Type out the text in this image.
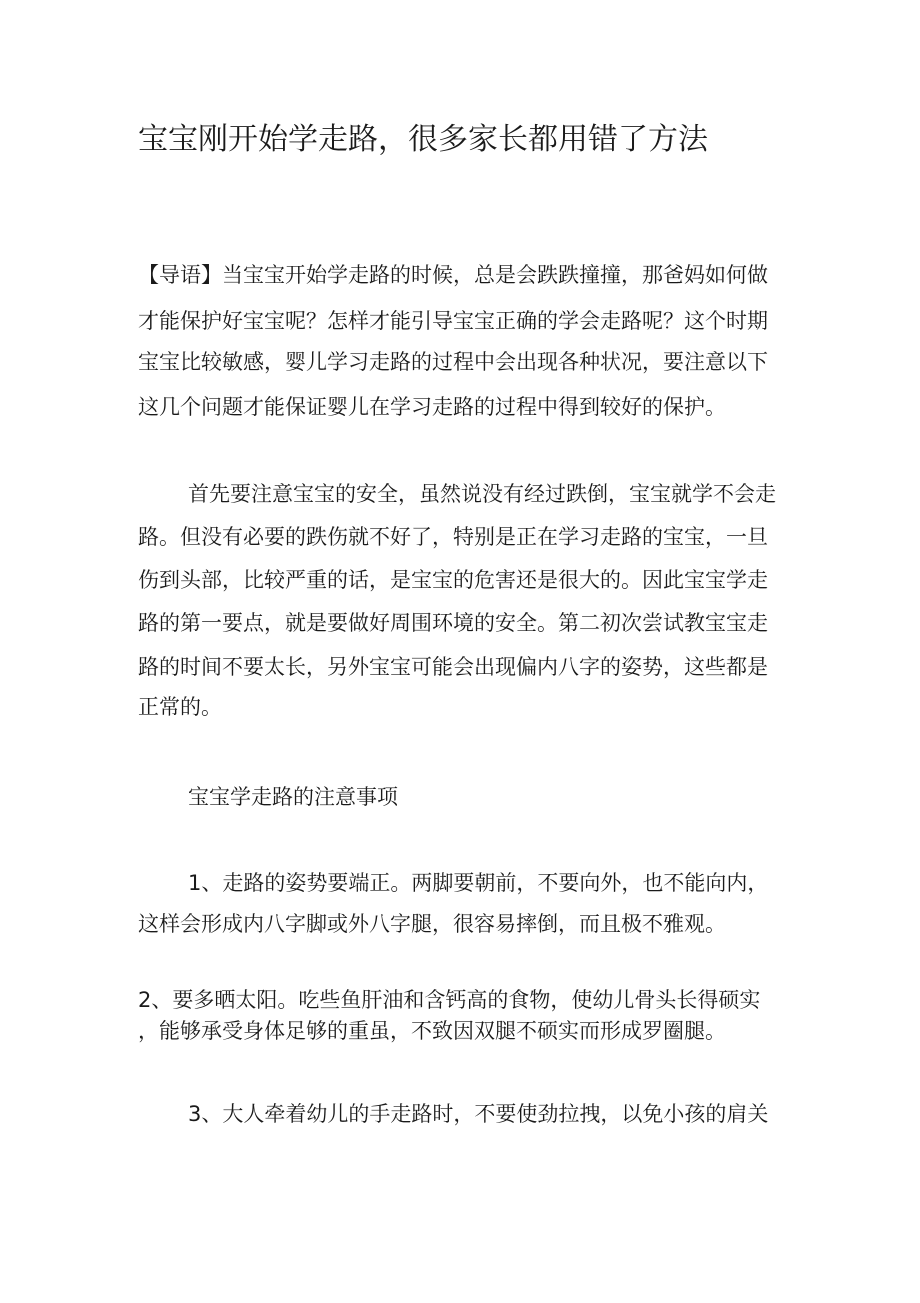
宝宝刚开始学走路，很多家长都用错了方法
【导语】当宝宝开始学走路的时候，总是会跌跌撞撞，那爸妈如何做
才能保护好宝宝呢？怎样才能引导宝宝正确的学会走路呢？这个时期
宝宝比较敏感，婴儿学习走路的过程中会出现各种状况，要注意以下
这几个问题才能保证婴儿在学习走路的过程中得到较好的保护。
首先要注意宝宝的安全，虽然说没有经过跌倒，宝宝就学不会走
路。但没有必要的跌伤就不好了，特别是正在学习走路的宝宝，一旦
伤到头部，比较严重的话，是宝宝的危害还是很大的。因此宝宝学走
路的第一要点，就是要做好周围环境的安全。第二初次尝试教宝宝走
路的时间不要太长，另外宝宝可能会出现偏内八字的姿势，这些都是
正常的。
宝宝学走路的注意事项
1、走路的姿势要端正。两脚要朝前，不要向外，也不能向内，
这样会形成内八字脚或外八字腿，很容易摔倒，而且极不雅观。
2、要多晒太阳。吃些鱼肝油和含钙高的食物，使幼儿骨头长得硕实
，能够承受身体足够的重虽，不致因双腿不硕实而形成罗圈腿。
3、大人牵着幼儿的手走路时，不要使劲拉拽，以免小孩的肩关
